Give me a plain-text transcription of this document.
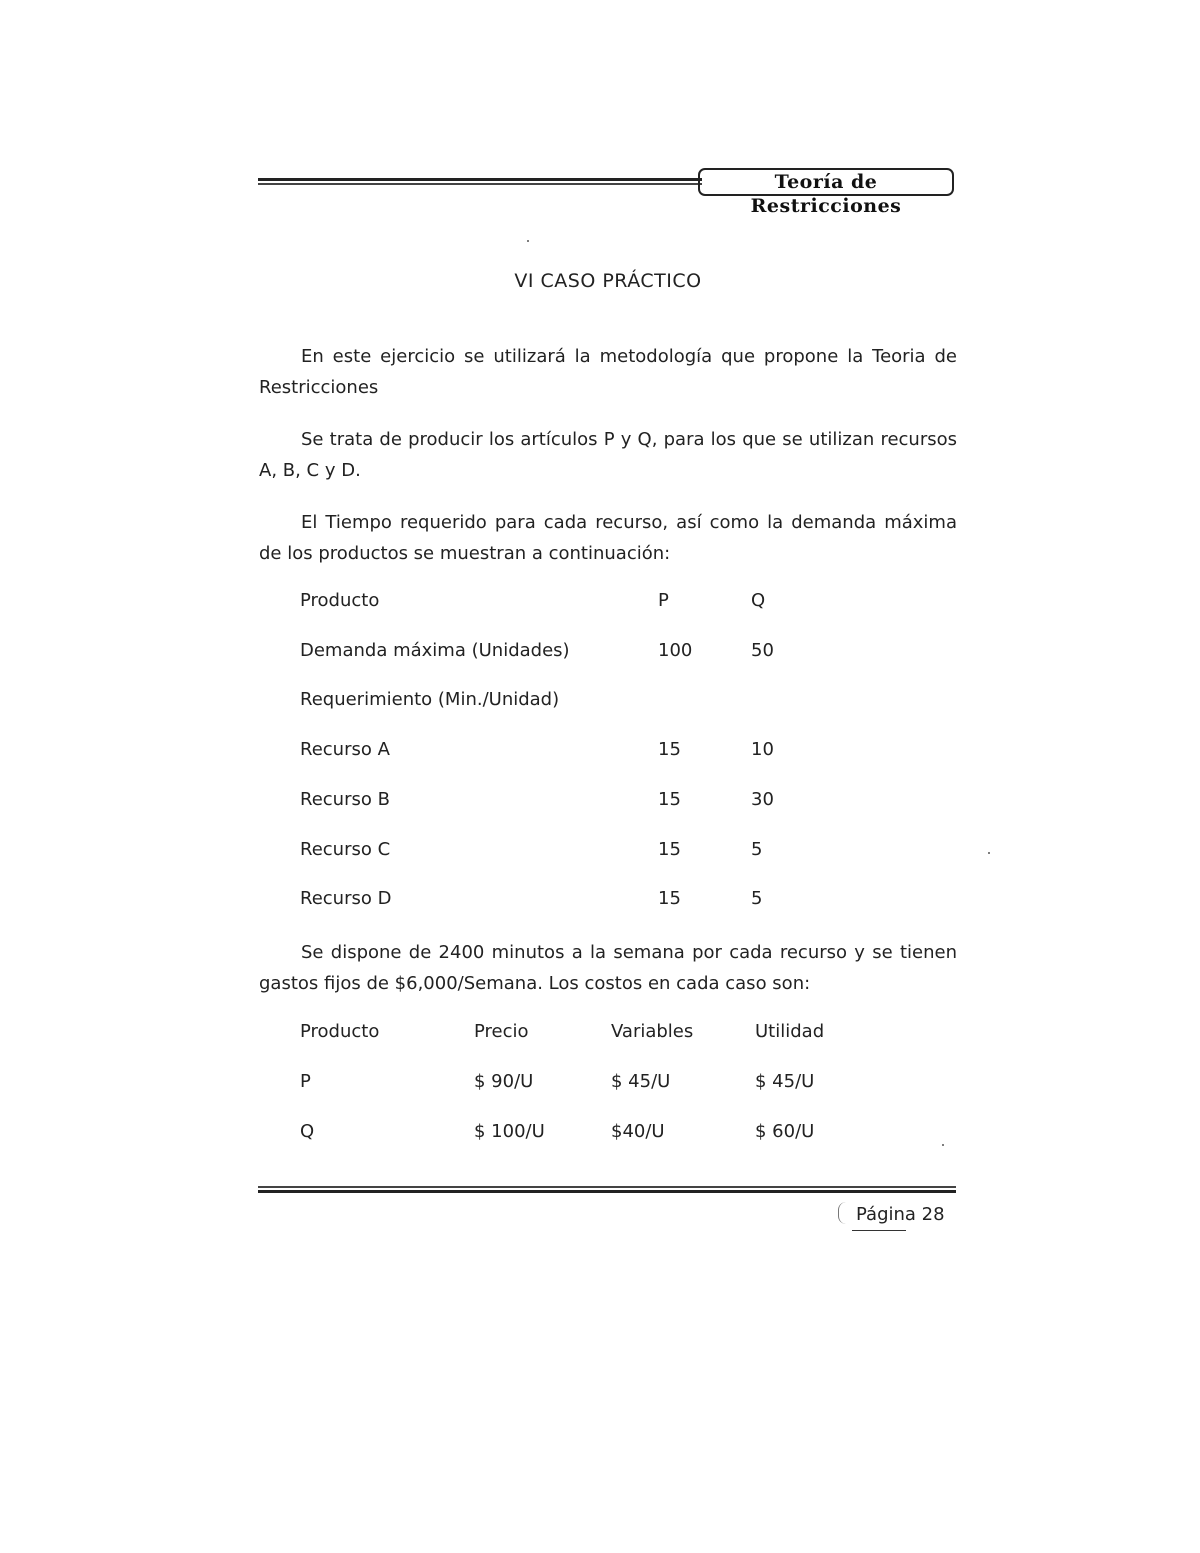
Teoría de Restricciones
VI CASO PRÁCTICO
En este ejercicio se utilizará la metodología que propone la Teoria de Restricciones
Se trata de producir los artículos P y Q, para los que se utilizan recursos A, B, C y D.
El Tiempo requerido para cada recurso, así como la demanda máxima de los productos se muestran a continuación:
Producto	P	Q
Demanda máxima (Unidades)	100	50
Requerimiento (Min./Unidad)
Recurso A	15	10
Recurso B	15	30
Recurso C	15	5
Recurso D	15	5
Se dispone de 2400 minutos a la semana por cada recurso y se tienen gastos fijos de $6,000/Semana. Los costos en cada caso son:
Producto	Precio	Variables	Utilidad
P	$ 90/U	$ 45/U	$ 45/U
Q	$ 100/U	$40/U	$ 60/U
Página 28
